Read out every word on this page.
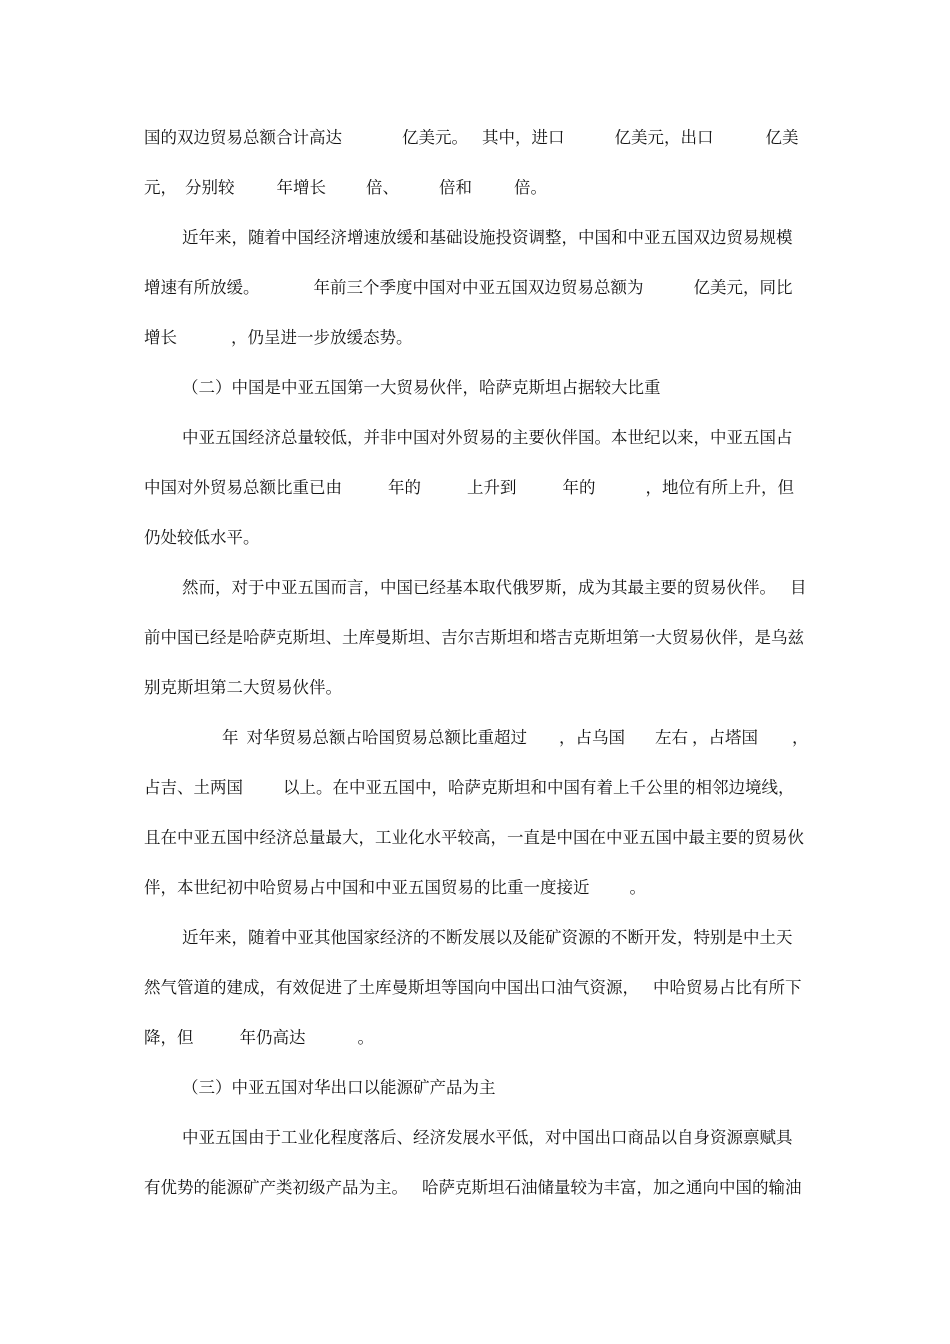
国的双边贸易总额合计高达	亿美元。 其中，进口	亿美元，出口	亿美

元， 分别较	年增长 倍、 倍和	倍。

近年来，随着中国经济增速放缓和基础设施投资调整，中国和中亚五国双边贸易规模

增速有所放缓。	年前三个季度中国对中亚五国双边贸易总额为	亿美元，同比

增长	，仍呈进一步放缓态势。

（二）中国是中亚五国第一大贸易伙伴，哈萨克斯坦占据较大比重

中亚五国经济总量较低，并非中国对外贸易的主要伙伴国。本世纪以来，中亚五国占

中国对外贸易总额比重已由	年的	上升到	年的	，地位有所上升，但

仍处较低水平。

然而，对于中亚五国而言，中国已经基本取代俄罗斯，成为其最主要的贸易伙伴。 目

前中国已经是哈萨克斯坦、土库曼斯坦、吉尔吉斯坦和塔吉克斯坦第一大贸易伙伴，是乌兹

别克斯坦第二大贸易伙伴。

年 对华贸易总额占哈国贸易总额比重超过 ，占乌国 左右 ，占塔国 ，

占吉、土两国 以上。在中亚五国中，哈萨克斯坦和中国有着上千公里的相邻边境线，

且在中亚五国中经济总量最大，工业化水平较高，一直是中国在中亚五国中最主要的贸易伙

伴，本世纪初中哈贸易占中国和中亚五国贸易的比重一度接近 。

近年来，随着中亚其他国家经济的不断发展以及能矿资源的不断开发，特别是中土天

然气管道的建成，有效促进了土库曼斯坦等国向中国出口油气资源， 中哈贸易占比有所下

降，但	年仍高达	。

（三）中亚五国对华出口以能源矿产品为主

中亚五国由于工业化程度落后、经济发展水平低，对中国出口商品以自身资源禀赋具

有优势的能源矿产类初级产品为主。 哈萨克斯坦石油储量较为丰富，加之通向中国的输油
